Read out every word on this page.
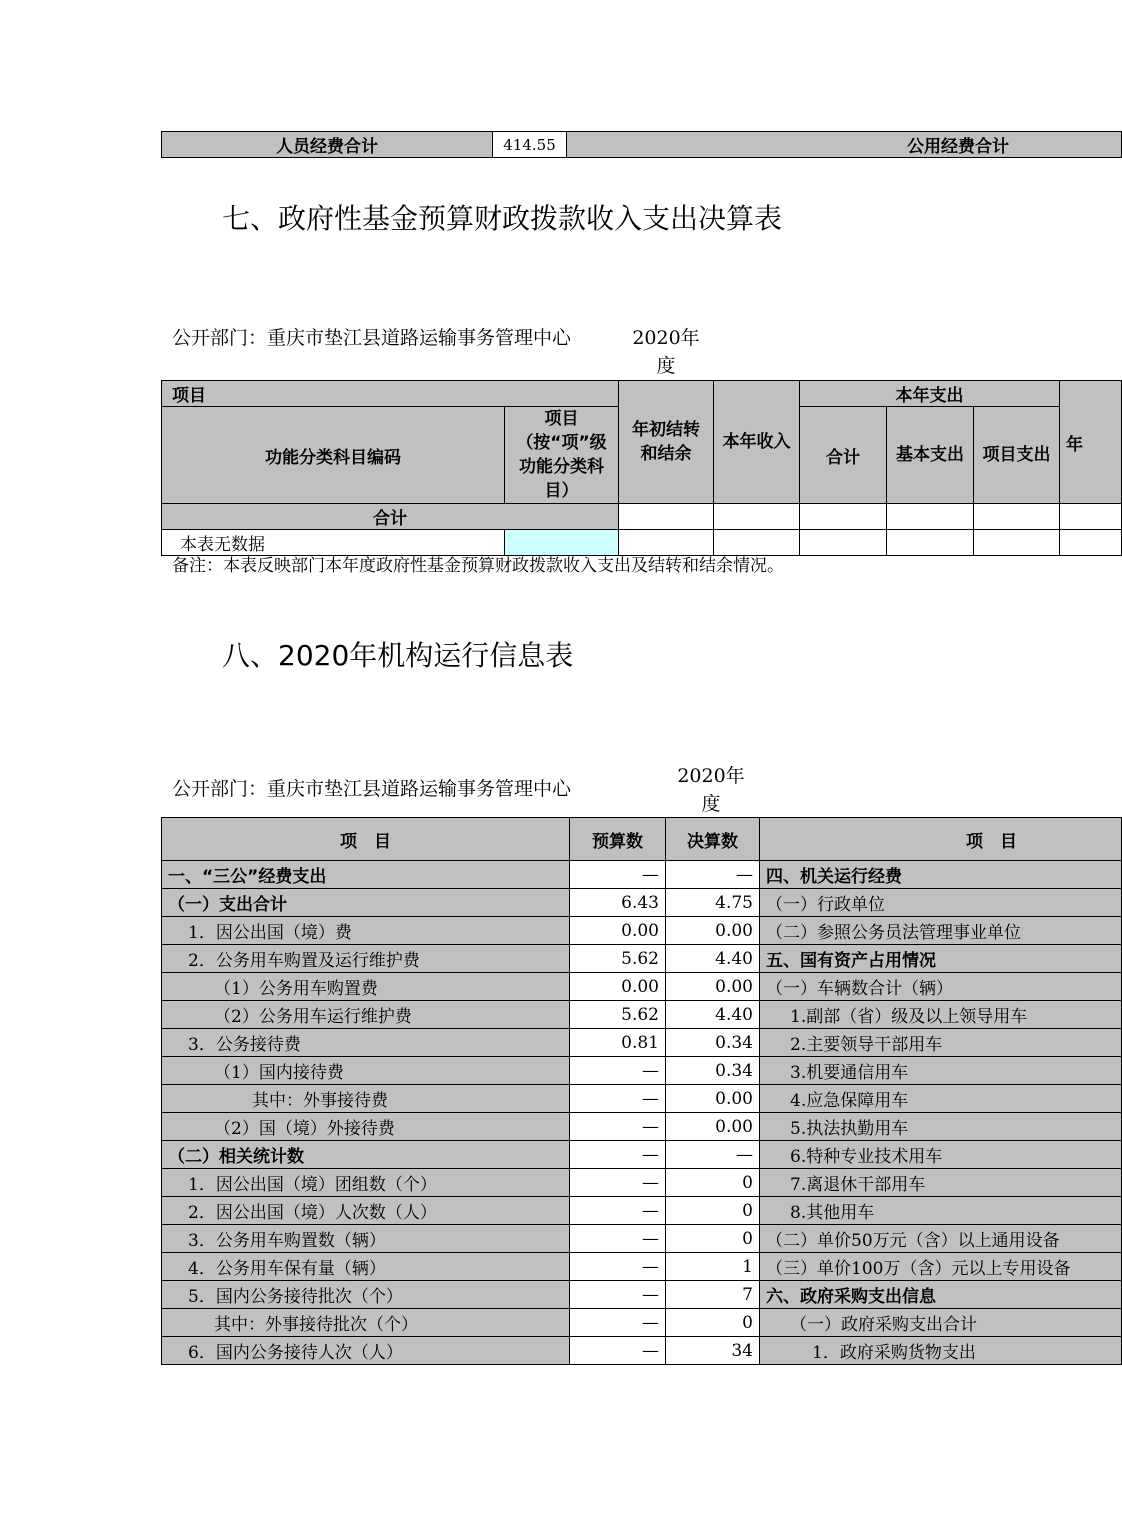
人员经费合计	414.55	公用经费合计
七、政府性基金预算财政拨款收入支出决算表
公开部门：重庆市垫江县道路运输事务管理中心	2020年度
项目		年初结转和结余	本年收入	本年支出			年
功能分类科目编码	项目（按“项”级功能分类科目）			合计	基本支出	项目支出	
合计							
本表无数据							
备注：本表反映部门本年度政府性基金预算财政拨款收入支出及结转和结余情况。
八、2020年机构运行信息表
公开部门：重庆市垫江县道路运输事务管理中心
2020年度
项　目	预算数	决算数	项　目
一、“三公”经费支出	—	—	四、机关运行经费
（一）支出合计	6.43	4.75	（一）行政单位
1．因公出国（境）费	0.00	0.00	（二）参照公务员法管理事业单位
2．公务用车购置及运行维护费	5.62	4.40	五、国有资产占用情况
（1）公务用车购置费	0.00	0.00	（一）车辆数合计（辆）
（2）公务用车运行维护费	5.62	4.40	1.副部（省）级及以上领导用车
3．公务接待费	0.81	0.34	2.主要领导干部用车
（1）国内接待费	—	0.34	3.机要通信用车
其中：外事接待费	—	0.00	4.应急保障用车
（2）国（境）外接待费	—	0.00	5.执法执勤用车
（二）相关统计数	—	—	6.特种专业技术用车
1．因公出国（境）团组数（个）	—	0	7.离退休干部用车
2．因公出国（境）人次数（人）	—	0	8.其他用车
3．公务用车购置数（辆）	—	0	（二）单价50万元（含）以上通用设备
4．公务用车保有量（辆）	—	1	（三）单价100万（含）元以上专用设备
5．国内公务接待批次（个）	—	7	六、政府采购支出信息
其中：外事接待批次（个）	—	0	（一）政府采购支出合计
6．国内公务接待人次（人）	—	34	1．政府采购货物支出
